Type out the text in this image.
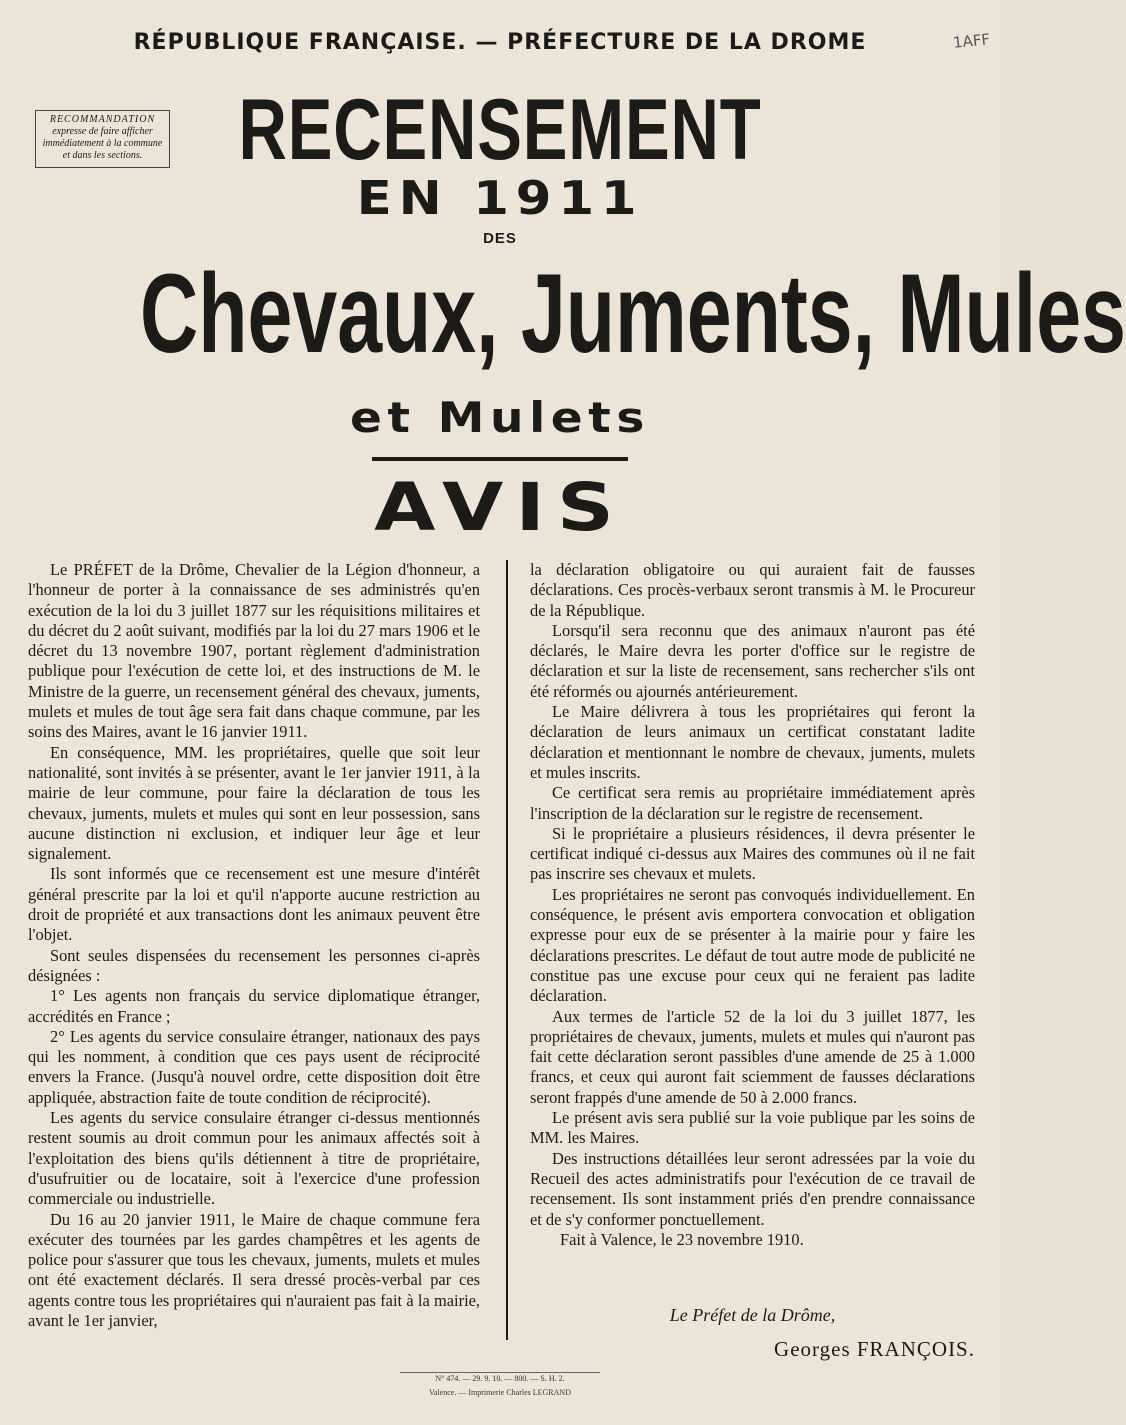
RÉPUBLIQUE FRANÇAISE. — PRÉFECTURE DE LA DROME	1AFF
RECOMMANDATION
expresse de faire afficher
immédiatement à la commune
et dans les sections.	RECENSEMENT
EN 1911
DES
Chevaux, Juments, Mules
et Mulets
AVIS

Le PRÉFET de la Drôme, Chevalier de la Légion d'honneur, a l'honneur de porter à la connaissance de ses administrés qu'en exécution de la loi du 3 juillet 1877 sur les réquisitions militaires et du décret du 2 août suivant, modifiés par la loi du 27 mars 1906 et le décret du 13 novembre 1907, portant règlement d'administration publique pour l'exécution de cette loi, et des instructions de M. le Ministre de la guerre, un recensement général des chevaux, juments, mulets et mules de tout âge sera fait dans chaque commune, par les soins des Maires, avant le 16 janvier 1911.

En conséquence, MM. les propriétaires, quelle que soit leur nationalité, sont invités à se présenter, avant le 1er janvier 1911, à la mairie de leur commune, pour faire la déclaration de tous les chevaux, juments, mulets et mules qui sont en leur possession, sans aucune distinction ni exclusion, et indiquer leur âge et leur signalement.

Ils sont informés que ce recensement est une mesure d'intérêt général prescrite par la loi et qu'il n'apporte aucune restriction au droit de propriété et aux transactions dont les animaux peuvent être l'objet.

Sont seules dispensées du recensement les personnes ci-après désignées :

1° Les agents non français du service diplomatique étranger, accrédités en France ;

2° Les agents du service consulaire étranger, nationaux des pays qui les nomment, à condition que ces pays usent de réciprocité envers la France. (Jusqu'à nouvel ordre, cette disposition doit être appliquée, abstraction faite de toute condition de réciprocité).

Les agents du service consulaire étranger ci-dessus mentionnés restent soumis au droit commun pour les animaux affectés soit à l'exploitation des biens qu'ils détiennent à titre de propriétaire, d'usufruitier ou de locataire, soit à l'exercice d'une profession commerciale ou industrielle.

Du 16 au 20 janvier 1911, le Maire de chaque commune fera exécuter des tournées par les gardes champêtres et les agents de police pour s'assurer que tous les chevaux, juments, mulets et mules ont été exactement déclarés. Il sera dressé procès-verbal par ces agents contre tous les propriétaires qui n'auraient pas fait à la mairie, avant le 1er janvier,

la déclaration obligatoire ou qui auraient fait de fausses déclarations. Ces procès-verbaux seront transmis à M. le Procureur de la République.

Lorsqu'il sera reconnu que des animaux n'auront pas été déclarés, le Maire devra les porter d'office sur le registre de déclaration et sur la liste de recensement, sans rechercher s'ils ont été réformés ou ajournés antérieurement.

Le Maire délivrera à tous les propriétaires qui feront la déclaration de leurs animaux un certificat constatant ladite déclaration et mentionnant le nombre de chevaux, juments, mulets et mules inscrits.

Ce certificat sera remis au propriétaire immédiatement après l'inscription de la déclaration sur le registre de recensement.

Si le propriétaire a plusieurs résidences, il devra présenter le certificat indiqué ci-dessus aux Maires des communes où il ne fait pas inscrire ses chevaux et mulets.

Les propriétaires ne seront pas convoqués individuellement. En conséquence, le présent avis emportera convocation et obligation expresse pour eux de se présenter à la mairie pour y faire les déclarations prescrites. Le défaut de tout autre mode de publicité ne constitue pas une excuse pour ceux qui ne feraient pas ladite déclaration.

Aux termes de l'article 52 de la loi du 3 juillet 1877, les propriétaires de chevaux, juments, mulets et mules qui n'auront pas fait cette déclaration seront passibles d'une amende de 25 à 1.000 francs, et ceux qui auront fait sciemment de fausses déclarations seront frappés d'une amende de 50 à 2.000 francs.

Le présent avis sera publié sur la voie publique par les soins de MM. les Maires.

Des instructions détaillées leur seront adressées par la voie du Recueil des actes administratifs pour l'exécution de ce travail de recensement. Ils sont instamment priés d'en prendre connaissance et de s'y conformer ponctuellement.

Fait à Valence, le 23 novembre 1910.

Le Préfet de la Drôme,
Georges FRANÇOIS.
N° 474. — 29. 9. 10. — 800. — S. H. 2.
Valence. — Imprimerie Charles LEGRAND
